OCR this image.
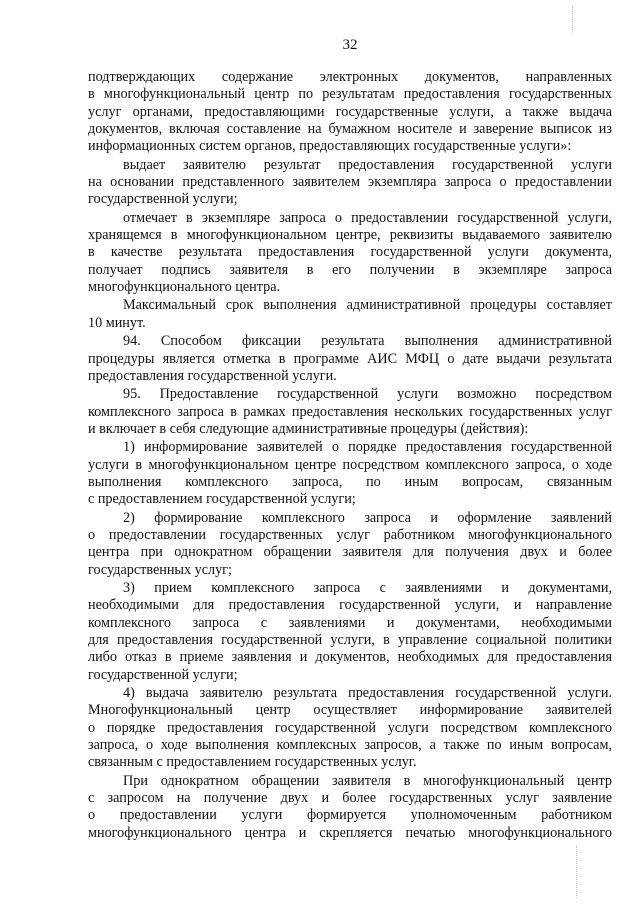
32
подтверждающих содержание электронных документов, направленных
в многофункциональный центр по результатам предоставления государственных
услуг органами, предоставляющими государственные услуги, а также выдача
документов, включая составление на бумажном носителе и заверение выписок из
информационных систем органов, предоставляющих государственные услуги»:
выдает заявителю результат предоставления государственной услуги
на основании представленного заявителем экземпляра запроса о предоставлении
государственной услуги;
отмечает в экземпляре запроса о предоставлении государственной услуги,
хранящемся в многофункциональном центре, реквизиты выдаваемого заявителю
в качестве результата предоставления государственной услуги документа,
получает подпись заявителя в его получении в экземпляре запроса
многофункционального центра.
Максимальный срок выполнения административной процедуры составляет
10 минут.
94. Способом фиксации результата выполнения административной
процедуры является отметка в программе АИС МФЦ о дате выдачи результата
предоставления государственной услуги.
95. Предоставление государственной услуги возможно посредством
комплексного запроса в рамках предоставления нескольких государственных услуг
и включает в себя следующие административные процедуры (действия):
1) информирование заявителей о порядке предоставления государственной
услуги в многофункциональном центре посредством комплексного запроса, о ходе
выполнения комплексного запроса, по иным вопросам, связанным
с предоставлением государственной услуги;
2) формирование комплексного запроса и оформление заявлений
о предоставлении государственных услуг работником многофункционального
центра при однократном обращении заявителя для получения двух и более
государственных услуг;
3) прием комплексного запроса с заявлениями и документами,
необходимыми для предоставления государственной услуги, и направление
комплексного запроса с заявлениями и документами, необходимыми
для предоставления государственной услуги, в управление социальной политики
либо отказ в приеме заявления и документов, необходимых для предоставления
государственной услуги;
4) выдача заявителю результата предоставления государственной услуги.
Многофункциональный центр осуществляет информирование заявителей
о порядке предоставления государственной услуги посредством комплексного
запроса, о ходе выполнения комплексных запросов, а также по иным вопросам,
связанным с предоставлением государственных услуг.
При однократном обращении заявителя в многофункциональный центр
с запросом на получение двух и более государственных услуг заявление
о предоставлении услуги формируется уполномоченным работником
многофункционального центра и скрепляется печатью многофункционального
